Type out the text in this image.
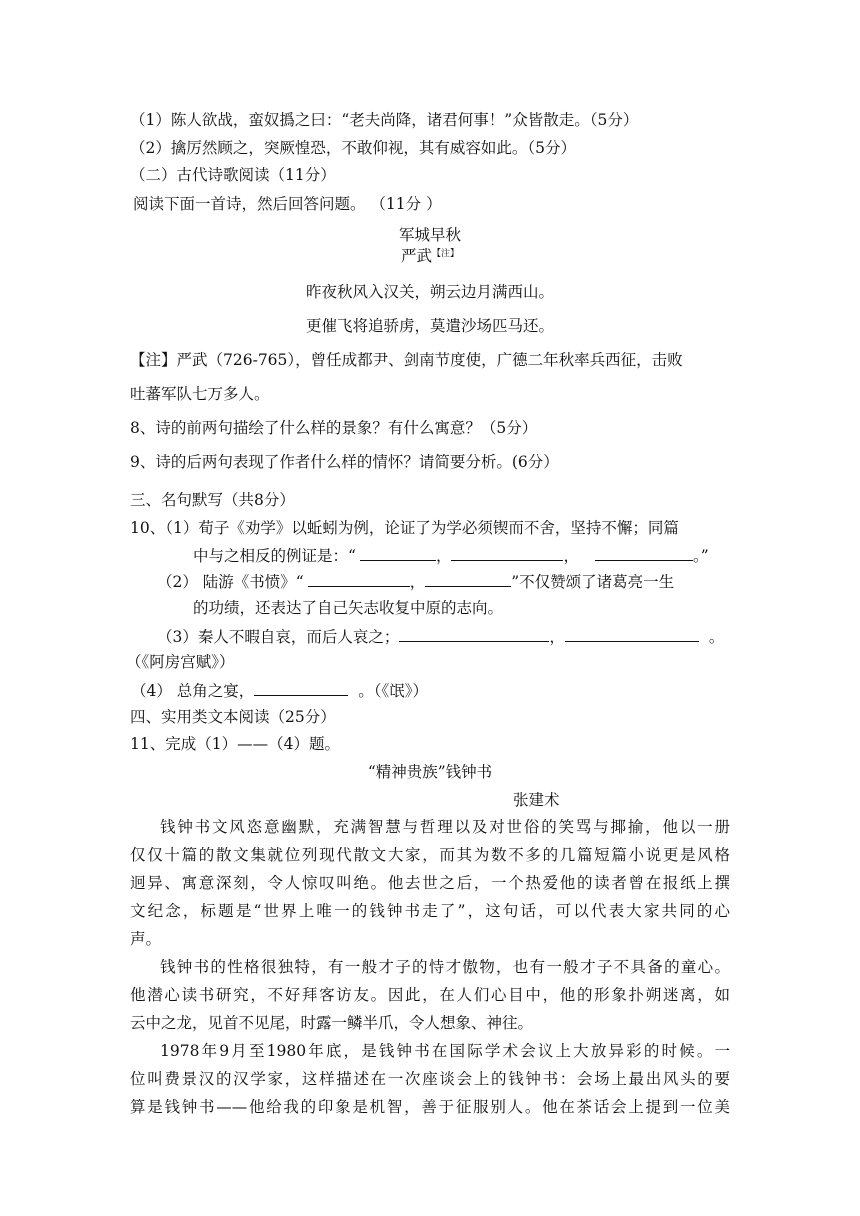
（1）陈人欲战，蛮奴撝之曰：“老夫尚降，诸君何事！”众皆散走。（5分）
（2）擒厉然顾之，突厥惶恐，不敢仰视，其有威容如此。（5分）
（二）古代诗歌阅读（11分）
阅读下面一首诗，然后回答问题。 （11分 ）
军城早秋
严武$^{【注】}$
昨夜秋风入汉关，朔云边月满西山。
更催飞将追骄虏，莫遣沙场匹马还。
【注】严武（726-765），曾任成都尹、剑南节度使，广德二年秋率兵西征，击败
吐蕃军队七万多人。
8、诗的前两句描绘了什么样的景象？有什么寓意？（5分）
9、诗的后两句表现了作者什么样的情怀？请简要分析。(6分）
三、名句默写（共8分）
10、（1）荀子《劝学》以蚯蚓为例，论证了为学必须锲而不舍，坚持不懈；同篇
中与之相反的例证是：“	，	，	。”
（2） 陆游《书愤》“	，	”不仅赞颂了诸葛亮一生
的功绩，还表达了自己矢志收复中原的志向。
（3）秦人不暇自哀，而后人哀之；	，	。
（《阿房宫赋》）
（4） 总角之宴，	。（《氓》）
四、实用类文本阅读（25分）
11、完成（1）——（4）题。
“精神贵族”钱钟书
张建术
钱钟书文风恣意幽默，充满智慧与哲理以及对世俗的笑骂与揶揄，他以一册
仅仅十篇的散文集就位列现代散文大家，而其为数不多的几篇短篇小说更是风格
迥异、寓意深刻，令人惊叹叫绝。他去世之后，一个热爱他的读者曾在报纸上撰
文纪念，标题是“世界上唯一的钱钟书走了”，这句话，可以代表大家共同的心
声。
钱钟书的性格很独特，有一般才子的恃才傲物，也有一般才子不具备的童心。
他潜心读书研究，不好拜客访友。因此，在人们心目中，他的形象扑朔迷离，如
云中之龙，见首不见尾，时露一鳞半爪，令人想象、神往。
1978年9月至1980年底，是钱钟书在国际学术会议上大放异彩的时候。一
位叫费景汉的汉学家，这样描述在一次座谈会上的钱钟书：会场上最出风头的要
算是钱钟书——他给我的印象是机智，善于征服别人。他在茶话会上提到一位美
